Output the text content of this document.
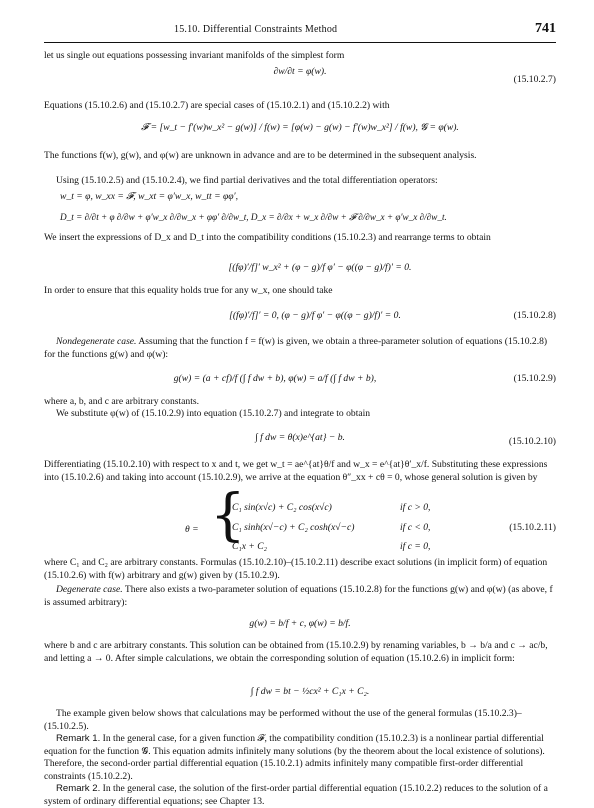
15.10. Differential Constraints Method	741
let us single out equations possessing invariant manifolds of the simplest form
∂w/∂t = φ(w).
(15.10.2.7)
Equations (15.10.2.6) and (15.10.2.7) are special cases of (15.10.2.1) and (15.10.2.2) with
𝓕 = [w_t − f′(w)w_x² − g(w)] / f(w) = [φ(w) − g(w) − f′(w)w_x²] / f(w), 𝓖 = φ(w).
The functions f(w), g(w), and φ(w) are unknown in advance and are to be determined in the subsequent analysis.
Using (15.10.2.5) and (15.10.2.4), we find partial derivatives and the total differentiation operators:
w_t = φ, w_xx = 𝓕, w_xt = φ′w_x, w_tt = φφ′,
D_t = ∂/∂t + φ ∂/∂w + φ′w_x ∂/∂w_x + φφ′ ∂/∂w_t, D_x = ∂/∂x + w_x ∂/∂w + 𝓕 ∂/∂w_x + φ′w_x ∂/∂w_t.
We insert the expressions of D_x and D_t into the compatibility conditions (15.10.2.3) and rearrange terms to obtain
[(fφ)′/f]′ w_x² + (φ − g)/f φ′ − φ((φ − g)/f)′ = 0.
In order to ensure that this equality holds true for any w_x, one should take
[(fφ)′/f]′ = 0, (φ − g)/f φ′ − φ((φ − g)/f)′ = 0.	(15.10.2.8)
Nondegenerate case. Assuming that the function f = f(w) is given, we obtain a three-parameter solution of equations (15.10.2.8) for the functions g(w) and φ(w):
g(w) = (a + cf)/f (∫ f dw + b), φ(w) = a/f (∫ f dw + b),	(15.10.2.9)
where a, b, and c are arbitrary constants.
We substitute φ(w) of (15.10.2.9) into equation (15.10.2.7) and integrate to obtain
∫ f dw = θ(x)e^{at} − b.	(15.10.2.10)
Differentiating (15.10.2.10) with respect to x and t, we get w_t = ae^{at}θ/f and w_x = e^{at}θ′_x/f. Substituting these expressions into (15.10.2.6) and taking into account (15.10.2.9), we arrive at the equation θ″_xx + cθ = 0, whose general solution is given by
θ = {
C₁ sin(x√c) + C₂ cos(x√c)	if c > 0,
C₁ sinh(x√−c) + C₂ cosh(x√−c)	if c < 0,
C₁x + C₂	if c = 0,
(15.10.2.11)
where C₁ and C₂ are arbitrary constants. Formulas (15.10.2.10)–(15.10.2.11) describe exact solutions (in implicit form) of equation (15.10.2.6) with f(w) arbitrary and g(w) given by (15.10.2.9).
Degenerate case. There also exists a two-parameter solution of equations (15.10.2.8) for the functions g(w) and φ(w) (as above, f is assumed arbitrary):
g(w) = b/f + c, φ(w) = b/f.
where b and c are arbitrary constants. This solution can be obtained from (15.10.2.9) by renaming variables, b → b/a and c → ac/b, and letting a → 0. After simple calculations, we obtain the corresponding solution of equation (15.10.2.6) in implicit form:
∫ f dw = bt − ½cx² + C₁x + C₂.
The example given below shows that calculations may be performed without the use of the general formulas (15.10.2.3)–(15.10.2.5).
Remark 1. In the general case, for a given function 𝓕, the compatibility condition (15.10.2.3) is a nonlinear partial differential equation for the function 𝓖. This equation admits infinitely many solutions (by the theorem about the local existence of solutions). Therefore, the second-order partial differential equation (15.10.2.1) admits infinitely many compatible first-order differential constraints (15.10.2.2).
Remark 2. In the general case, the solution of the first-order partial differential equation (15.10.2.2) reduces to the solution of a system of ordinary differential equations; see Chapter 13.
